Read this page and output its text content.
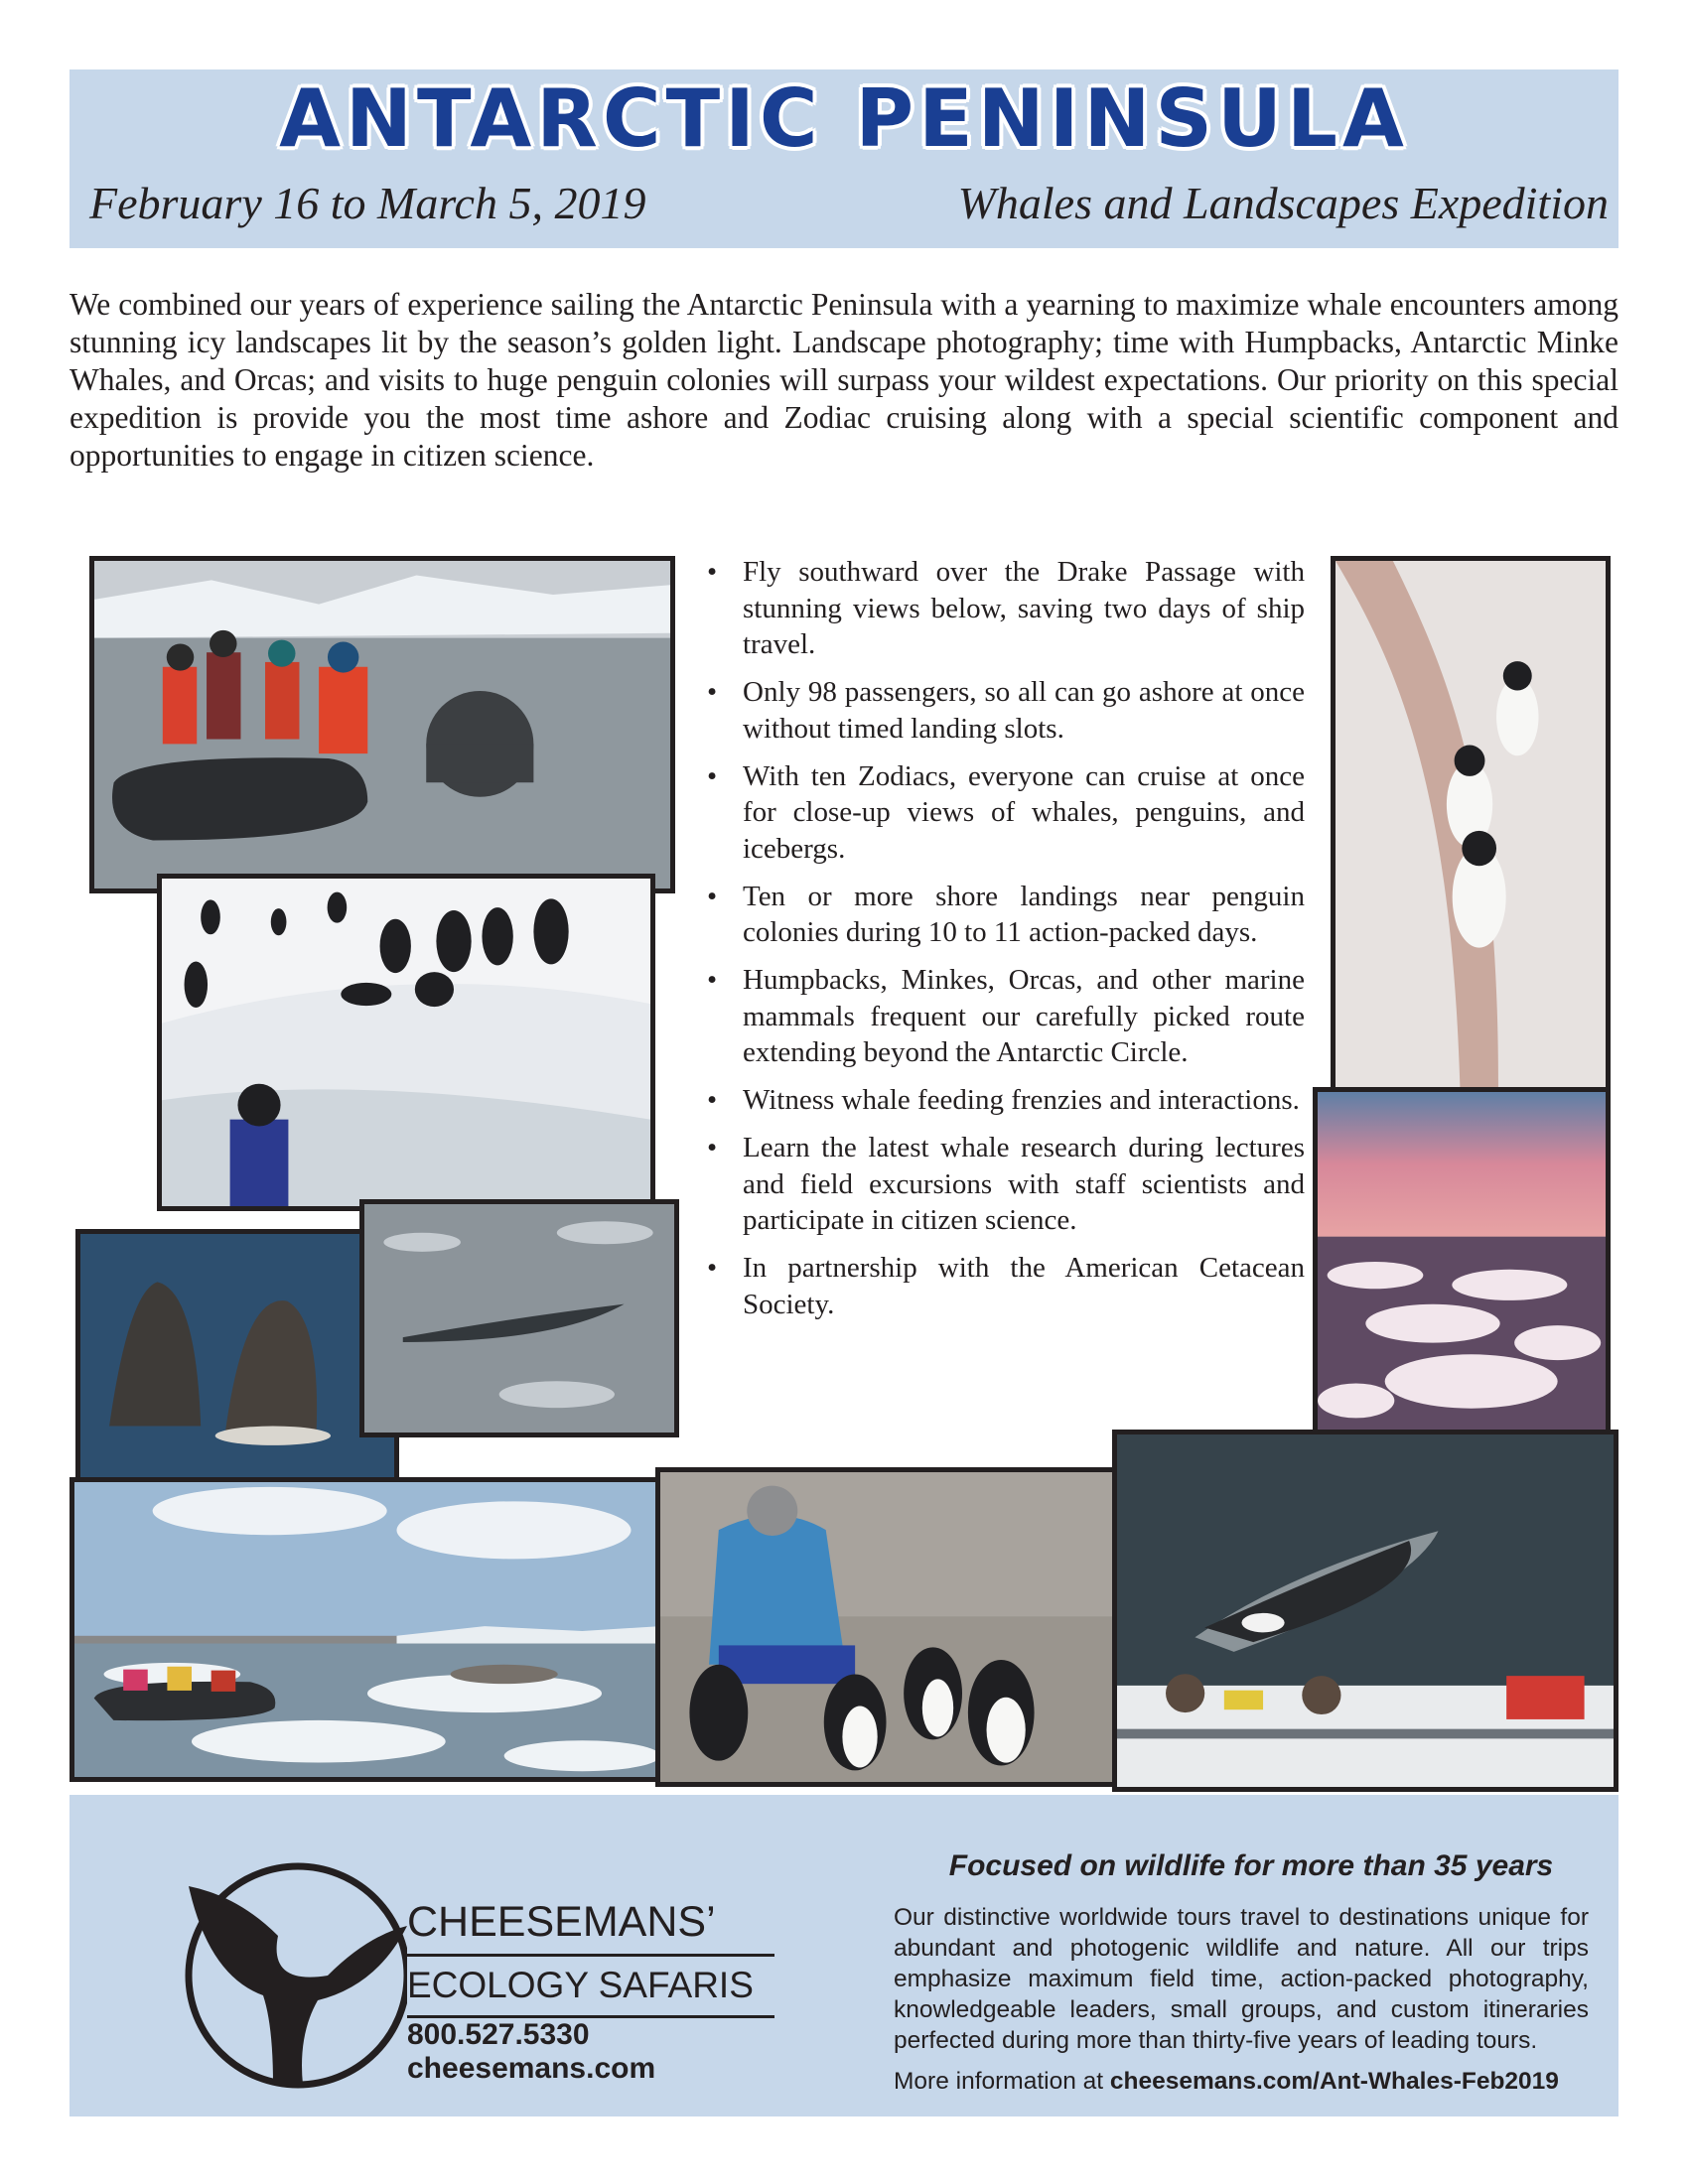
ANTARCTIC PENINSULA
February 16 to March 5, 2019	Whales and Landscapes Expedition

We combined our years of experience sailing the Antarctic Peninsula with a yearning to maximize whale encounters among stunning icy landscapes lit by the season’s golden light. Landscape photography; time with Humpbacks, Antarctic Minke Whales, and Orcas; and visits to huge penguin colonies will surpass your wildest expectations. Our priority on this special expedition is provide you the most time ashore and Zodiac cruising along with a special scientific component and opportunities to engage in citizen science.

• Fly southward over the Drake Passage with stunning views below, saving two days of ship travel.
• Only 98 passengers, so all can go ashore at once without timed landing slots.
• With ten Zodiacs, everyone can cruise at once for close-up views of whales, penguins, and icebergs.
• Ten or more shore landings near penguin colonies during 10 to 11 action-packed days.
• Humpbacks, Minkes, Orcas, and other marine mammals frequent our carefully picked route extending beyond the Antarctic Circle.
• Witness whale feeding frenzies and interactions.
• Learn the latest whale research during lectures and field excursions with staff scientists and participate in citizen science.
• In partnership with the American Cetacean Society.
CHEESEMANS’
ECOLOGY SAFARIS
800.527.5330
cheesemans.com
Focused on wildlife for more than 35 years

Our distinctive worldwide tours travel to destinations unique for abundant and photogenic wildlife and nature. All our trips emphasize maximum field time, action-packed photography, knowledgeable leaders, small groups, and custom itineraries perfected during more than thirty-five years of leading tours.

More information at cheesemans.com/Ant-Whales-Feb2019
